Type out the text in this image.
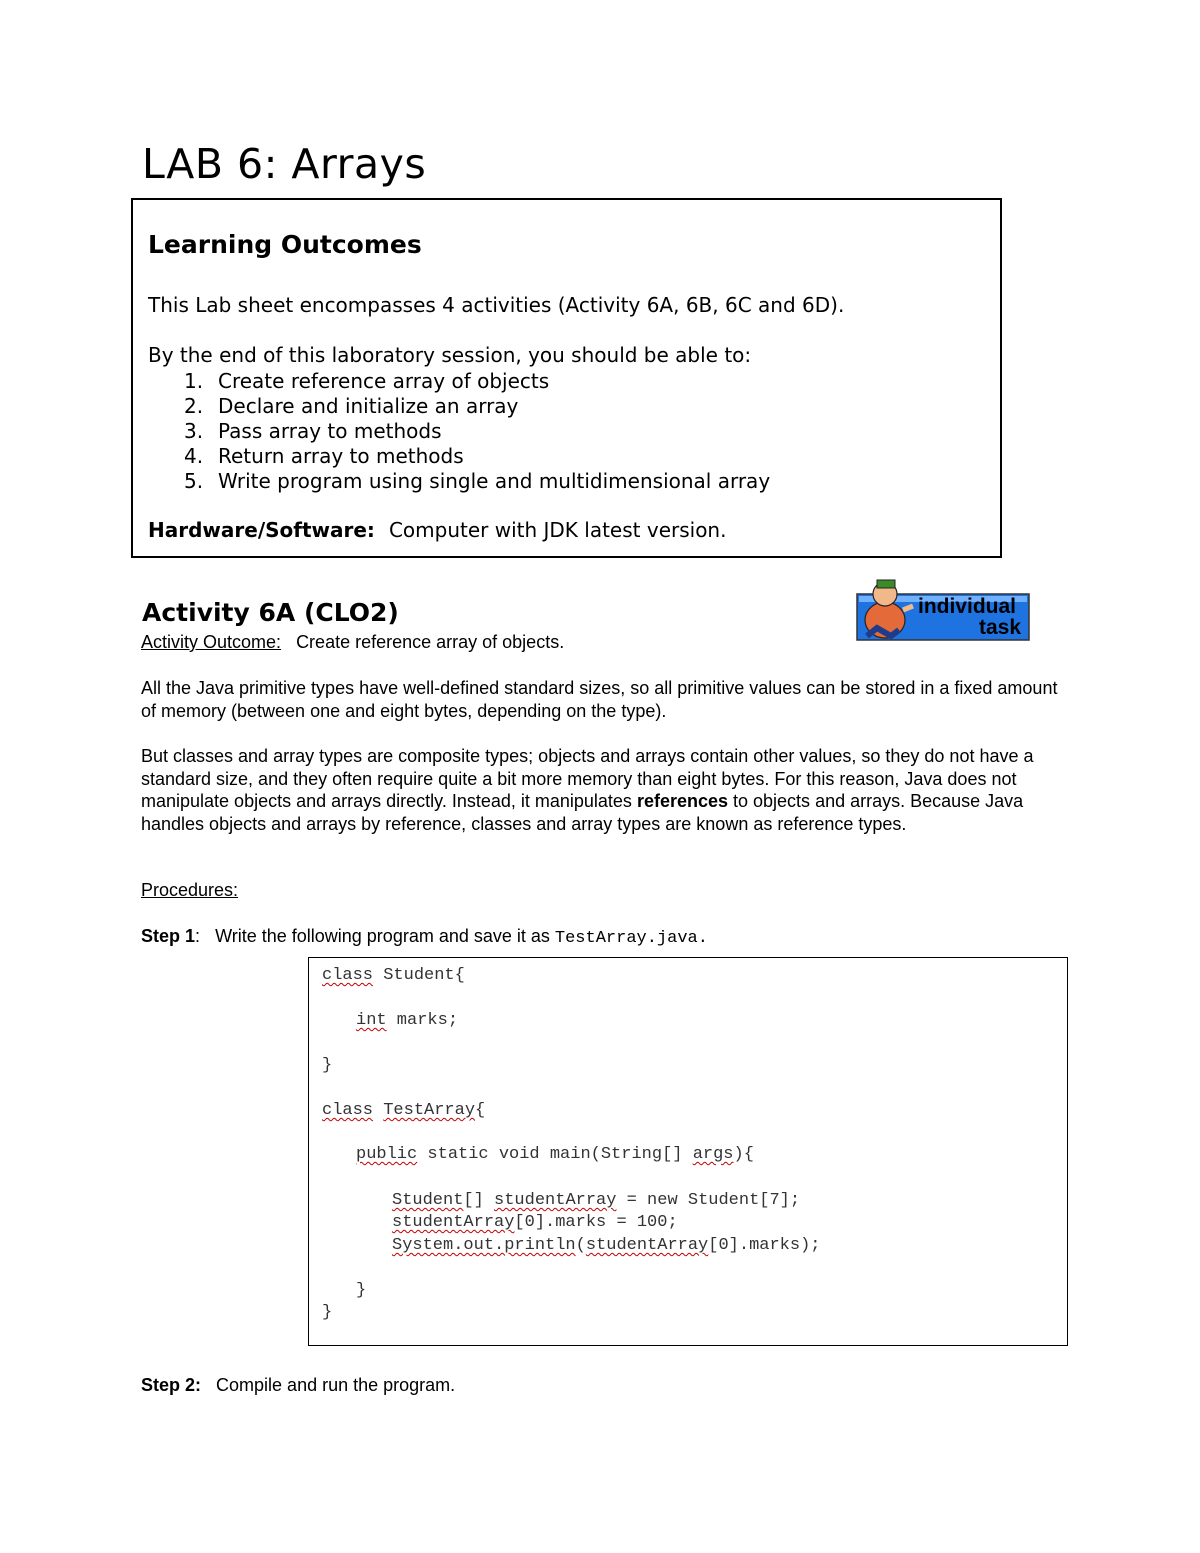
LAB 6: Arrays
Learning Outcomes
This Lab sheet encompasses 4 activities (Activity 6A, 6B, 6C and 6D).
By the end of this laboratory session, you should be able to:
1. Create reference array of objects
2. Declare and initialize an array
3. Pass array to methods
4. Return array to methods
5. Write program using single and multidimensional array
Hardware/Software: Computer with JDK latest version.
Activity 6A (CLO2)	individual
task
Activity Outcome: Create reference array of objects.
All the Java primitive types have well-defined standard sizes, so all primitive values can be stored in a fixed amount of memory (between one and eight bytes, depending on the type).
But classes and array types are composite types; objects and arrays contain other values, so they do not have a standard size, and they often require quite a bit more memory than eight bytes. For this reason, Java does not manipulate objects and arrays directly. Instead, it manipulates references to objects and arrays. Because Java handles objects and arrays by reference, classes and array types are known as reference types.
Procedures:
Step 1: Write the following program and save it as TestArray.java.
class Student{
int marks;
}
class TestArray{
public static void main(String[] args){
Student[] studentArray = new Student[7];
studentArray[0].marks = 100;
System.out.println(studentArray[0].marks);
}
}
Step 2: Compile and run the program.
